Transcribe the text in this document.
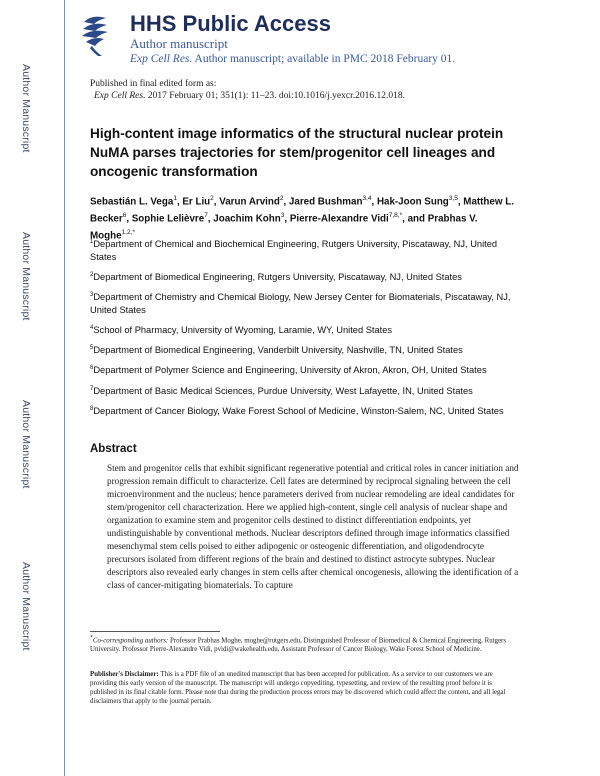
Author Manuscript
Author Manuscript
Author Manuscript
Author Manuscript
HHS Public Access
Author manuscript
Exp Cell Res. Author manuscript; available in PMC 2018 February 01.
Published in final edited form as:
Exp Cell Res. 2017 February 01; 351(1): 11–23. doi:10.1016/j.yexcr.2016.12.018.
High-content image informatics of the structural nuclear protein NuMA parses trajectories for stem/progenitor cell lineages and oncogenic transformation
Sebastián L. Vega$^1$, Er Liu$^2$, Varun Arvind$^2$, Jared Bushman$^{3,4}$, Hak-Joon Sung$^{3,5}$, Matthew L. Becker$^6$, Sophie Lelièvre$^7$, Joachim Kohn$^3$, Pierre-Alexandre Vidi$^{7,8,*}$, and Prabhas V. Moghe$^{1,2,*}$
$^1$Department of Chemical and Biochemical Engineering, Rutgers University, Piscataway, NJ, United States
$^2$Department of Biomedical Engineering, Rutgers University, Piscataway, NJ, United States
$^3$Department of Chemistry and Chemical Biology, New Jersey Center for Biomaterials, Piscataway, NJ, United States
$^4$School of Pharmacy, University of Wyoming, Laramie, WY, United States
$^5$Department of Biomedical Engineering, Vanderbilt University, Nashville, TN, United States
$^6$Department of Polymer Science and Engineering, University of Akron, Akron, OH, United States
$^7$Department of Basic Medical Sciences, Purdue University, West Lafayette, IN, United States
$^8$Department of Cancer Biology, Wake Forest School of Medicine, Winston-Salem, NC, United States
Abstract
Stem and progenitor cells that exhibit significant regenerative potential and critical roles in cancer initiation and progression remain difficult to characterize. Cell fates are determined by reciprocal signaling between the cell microenvironment and the nucleus; hence parameters derived from nuclear remodeling are ideal candidates for stem/progenitor cell characterization. Here we applied high-content, single cell analysis of nuclear shape and organization to examine stem and progenitor cells destined to distinct differentiation endpoints, yet undistinguishable by conventional methods. Nuclear descriptors defined through image informatics classified mesenchymal stem cells poised to either adipogenic or osteogenic differentiation, and oligodendrocyte precursors isolated from different regions of the brain and destined to distinct astrocyte subtypes. Nuclear descriptors also revealed early changes in stem cells after chemical oncogenesis, allowing the identification of a class of cancer-mitigating biomaterials. To capture
*Co-corresponding authors: Professor Prabhas Moghe, moghe@rutgers.edu, Distinguished Professor of Biomedical & Chemical Engineering, Rutgers University. Professor Pierre-Alexandre Vidi, pvidi@wakehealth.edu, Assistant Professor of Cancer Biology, Wake Forest School of Medicine.
Publisher's Disclaimer: This is a PDF file of an unedited manuscript that has been accepted for publication. As a service to our customers we are providing this early version of the manuscript. The manuscript will undergo copyediting, typesetting, and review of the resulting proof before it is published in its final citable form. Please note that during the production process errors may be discovered which could affect the content, and all legal disclaimers that apply to the journal pertain.
